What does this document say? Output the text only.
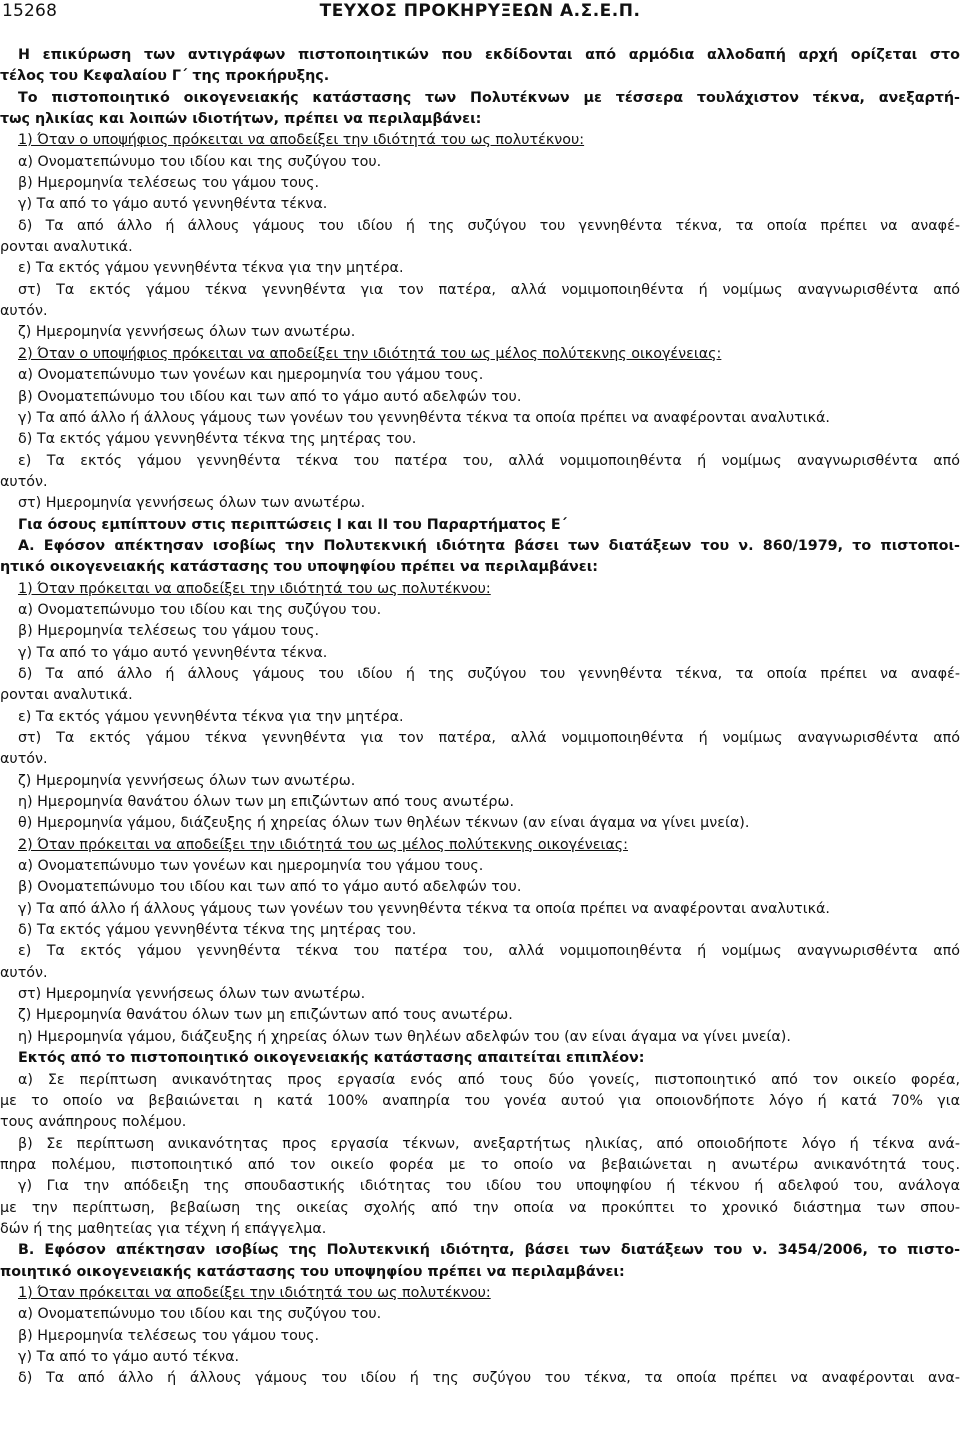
15268	ΤΕΥΧΟΣ ΠΡΟΚΗΡΥΞΕΩΝ Α.Σ.Ε.Π.
Η επικύρωση των αντιγράφων πιστοποιητικών που εκδίδονται από αρμόδια αλλοδαπή αρχή ορίζεται στο
τέλος του Κεφαλαίου Γ΄ της προκήρυξης.
Το πιστοποιητικό οικογενειακής κατάστασης των Πολυτέκνων με τέσσερα τουλάχιστον τέκνα, ανεξαρτή-
τως ηλικίας και λοιπών ιδιοτήτων, πρέπει να περιλαμβάνει:
1) Όταν ο υποψήφιος πρόκειται να αποδείξει την ιδιότητά του ως πολυτέκνου:
α) Ονοματεπώνυμο του ιδίου και της συζύγου του.
β) Ημερομηνία τελέσεως του γάμου τους.
γ) Τα από το γάμο αυτό γεννηθέντα τέκνα.
δ) Τα από άλλο ή άλλους γάμους του ιδίου ή της συζύγου του γεννηθέντα τέκνα, τα οποία πρέπει να αναφέ-
ρονται αναλυτικά.
ε) Τα εκτός γάμου γεννηθέντα τέκνα για την μητέρα.
στ) Τα εκτός γάμου τέκνα γεννηθέντα για τον πατέρα, αλλά νομιμοποιηθέντα ή νομίμως αναγνωρισθέντα από
αυτόν.
ζ) Ημερομηνία γεννήσεως όλων των ανωτέρω.
2) Όταν ο υποψήφιος πρόκειται να αποδείξει την ιδιότητά του ως μέλος πολύτεκνης οικογένειας:
α) Ονοματεπώνυμο των γονέων και ημερομηνία του γάμου τους.
β) Ονοματεπώνυμο του ιδίου και των από το γάμο αυτό αδελφών του.
γ) Τα από άλλο ή άλλους γάμους των γονέων του γεννηθέντα τέκνα τα οποία πρέπει να αναφέρονται αναλυτικά.
δ) Τα εκτός γάμου γεννηθέντα τέκνα της μητέρας του.
ε) Τα εκτός γάμου γεννηθέντα τέκνα του πατέρα του, αλλά νομιμοποιηθέντα ή νομίμως αναγνωρισθέντα από
αυτόν.
στ) Ημερομηνία γεννήσεως όλων των ανωτέρω.
Για όσους εμπίπτουν στις περιπτώσεις Ι και ΙΙ του Παραρτήματος Ε΄
Α. Εφόσον απέκτησαν ισοβίως την Πολυτεκνική ιδιότητα βάσει των διατάξεων του ν. 860/1979, το πιστοποι-
ητικό οικογενειακής κατάστασης του υποψηφίου πρέπει να περιλαμβάνει:
1) Όταν πρόκειται να αποδείξει την ιδιότητά του ως πολυτέκνου:
α) Ονοματεπώνυμο του ιδίου και της συζύγου του.
β) Ημερομηνία τελέσεως του γάμου τους.
γ) Τα από το γάμο αυτό γεννηθέντα τέκνα.
δ) Τα από άλλο ή άλλους γάμους του ιδίου ή της συζύγου του γεννηθέντα τέκνα, τα οποία πρέπει να αναφέ-
ρονται αναλυτικά.
ε) Τα εκτός γάμου γεννηθέντα τέκνα για την μητέρα.
στ) Τα εκτός γάμου τέκνα γεννηθέντα για τον πατέρα, αλλά νομιμοποιηθέντα ή νομίμως αναγνωρισθέντα από
αυτόν.
ζ) Ημερομηνία γεννήσεως όλων των ανωτέρω.
η) Ημερομηνία θανάτου όλων των μη επιζώντων από τους ανωτέρω.
θ) Ημερομηνία γάμου, διάζευξης ή χηρείας όλων των θηλέων τέκνων (αν είναι άγαμα να γίνει μνεία).
2) Όταν πρόκειται να αποδείξει την ιδιότητά του ως μέλος πολύτεκνης οικογένειας:
α) Ονοματεπώνυμο των γονέων και ημερομηνία του γάμου τους.
β) Ονοματεπώνυμο του ιδίου και των από το γάμο αυτό αδελφών του.
γ) Τα από άλλο ή άλλους γάμους των γονέων του γεννηθέντα τέκνα τα οποία πρέπει να αναφέρονται αναλυτικά.
δ) Τα εκτός γάμου γεννηθέντα τέκνα της μητέρας του.
ε) Τα εκτός γάμου γεννηθέντα τέκνα του πατέρα του, αλλά νομιμοποιηθέντα ή νομίμως αναγνωρισθέντα από
αυτόν.
στ) Ημερομηνία γεννήσεως όλων των ανωτέρω.
ζ) Ημερομηνία θανάτου όλων των μη επιζώντων από τους ανωτέρω.
η) Ημερομηνία γάμου, διάζευξης ή χηρείας όλων των θηλέων αδελφών του (αν είναι άγαμα να γίνει μνεία).
Εκτός από το πιστοποιητικό οικογενειακής κατάστασης απαιτείται επιπλέον:
α) Σε περίπτωση ανικανότητας προς εργασία ενός από τους δύο γονείς, πιστοποιητικό από τον οικείο φορέα,
με το οποίο να βεβαιώνεται η κατά 100% αναπηρία του γονέα αυτού για οποιονδήποτε λόγο ή κατά 70% για
τους ανάπηρους πολέμου.
β) Σε περίπτωση ανικανότητας προς εργασία τέκνων, ανεξαρτήτως ηλικίας, από οποιοδήποτε λόγο ή τέκνα ανά-
πηρα πολέμου, πιστοποιητικό από τον οικείο φορέα με το οποίο να βεβαιώνεται η ανωτέρω ανικανότητά τους.
γ) Για την απόδειξη της σπουδαστικής ιδιότητας του ιδίου του υποψηφίου ή τέκνου ή αδελφού του, ανάλογα
με την περίπτωση, βεβαίωση της οικείας σχολής από την οποία να προκύπτει το χρονικό διάστημα των σπου-
δών ή της μαθητείας για τέχνη ή επάγγελμα.
Β. Εφόσον απέκτησαν ισοβίως της Πολυτεκνική ιδιότητα, βάσει των διατάξεων του ν. 3454/2006, το πιστο-
ποιητικό οικογενειακής κατάστασης του υποψηφίου πρέπει να περιλαμβάνει:
1) Όταν πρόκειται να αποδείξει την ιδιότητά του ως πολυτέκνου:
α) Ονοματεπώνυμο του ιδίου και της συζύγου του.
β) Ημερομηνία τελέσεως του γάμου τους.
γ) Τα από το γάμο αυτό τέκνα.
δ) Τα από άλλο ή άλλους γάμους του ιδίου ή της συζύγου του τέκνα, τα οποία πρέπει να αναφέρονται ανα-
